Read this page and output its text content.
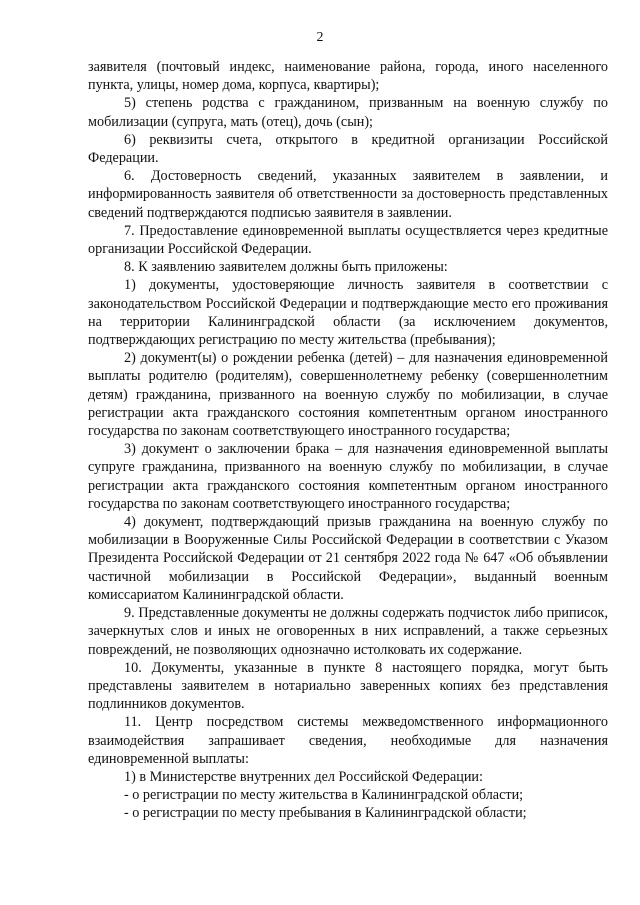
2

заявителя (почтовый индекс, наименование района, города, иного населенного пункта, улицы, номер дома, корпуса, квартиры);

5) степень родства с гражданином, призванным на военную службу по мобилизации (супруга, мать (отец), дочь (сын);

6) реквизиты счета, открытого в кредитной организации Российской Федерации.

6. Достоверность сведений, указанных заявителем в заявлении, и информированность заявителя об ответственности за достоверность представленных сведений подтверждаются подписью заявителя в заявлении.

7. Предоставление единовременной выплаты осуществляется через кредитные организации Российской Федерации.

8. К заявлению заявителем должны быть приложены:

1) документы, удостоверяющие личность заявителя в соответствии с законодательством Российской Федерации и подтверждающие место его проживания на территории Калининградской области (за исключением документов, подтверждающих регистрацию по месту жительства (пребывания);

2) документ(ы) о рождении ребенка (детей) – для назначения единовременной выплаты родителю (родителям), совершеннолетнему ребенку (совершеннолетним детям) гражданина, призванного на военную службу по мобилизации, в случае регистрации акта гражданского состояния компетентным органом иностранного государства по законам соответствующего иностранного государства;

3) документ о заключении брака – для назначения единовременной выплаты супруге гражданина, призванного на военную службу по мобилизации, в случае регистрации акта гражданского состояния компетентным органом иностранного государства по законам соответствующего иностранного государства;

4) документ, подтверждающий призыв гражданина на военную службу по мобилизации в Вооруженные Силы Российской Федерации в соответствии с Указом Президента Российской Федерации от 21 сентября 2022 года № 647 «Об объявлении частичной мобилизации в Российской Федерации», выданный военным комиссариатом Калининградской области.

9. Представленные документы не должны содержать подчисток либо приписок, зачеркнутых слов и иных не оговоренных в них исправлений, а также серьезных повреждений, не позволяющих однозначно истолковать их содержание.

10. Документы, указанные в пункте 8 настоящего порядка, могут быть представлены заявителем в нотариально заверенных копиях без представления подлинников документов.

11. Центр посредством системы межведомственного информационного взаимодействия запрашивает сведения, необходимые для назначения единовременной выплаты:

1) в Министерстве внутренних дел Российской Федерации:

- о регистрации по месту жительства в Калининградской области;

- о регистрации по месту пребывания в Калининградской области;
